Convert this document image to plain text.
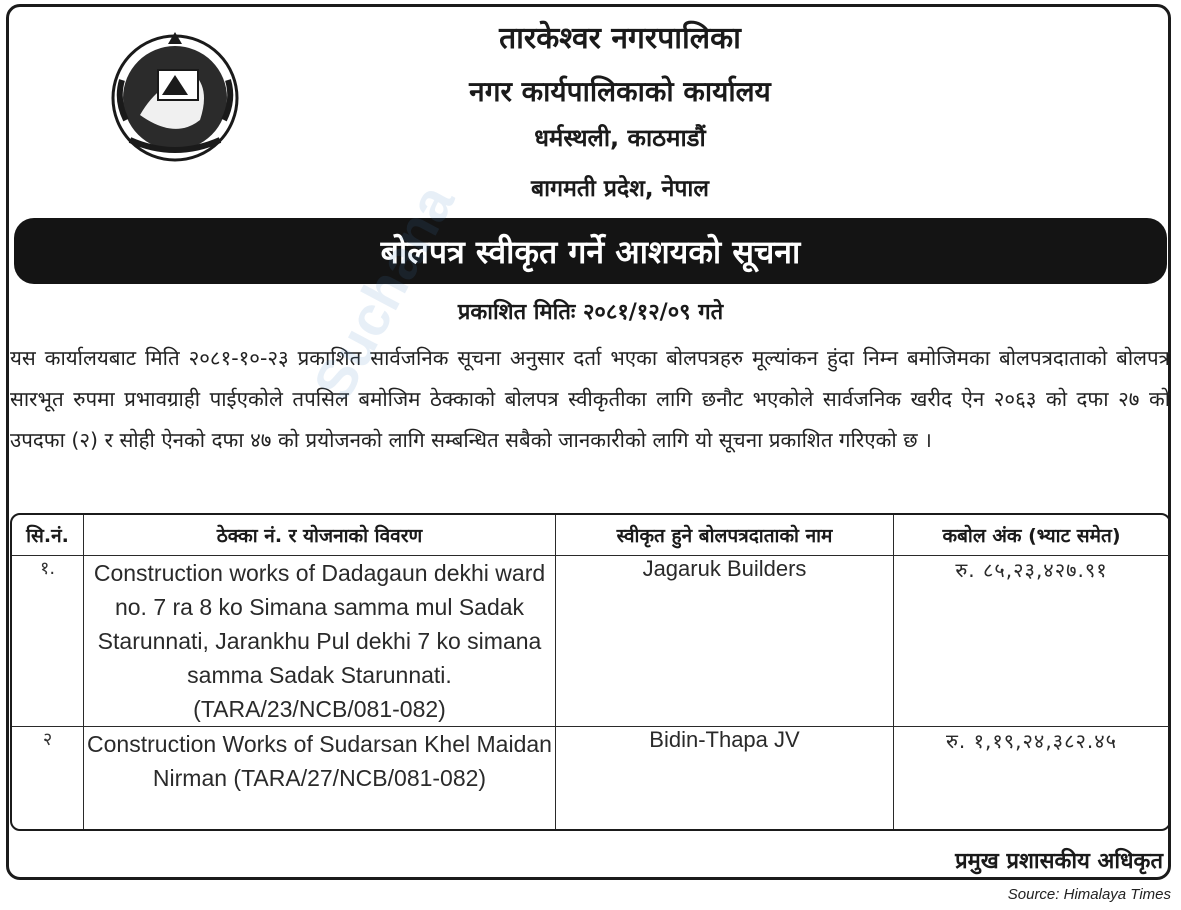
तारकेश्वर नगरपालिका
नगर कार्यपालिकाको कार्यालय
धर्मस्थली, काठमाडौं
बागमती प्रदेश, नेपाल
बोलपत्र स्वीकृत गर्ने आशयको सूचना
प्रकाशित मितिः २०८१/१२/०९ गते
यस कार्यालयबाट मिति २०८१-१०-२३ प्रकाशित सार्वजनिक सूचना अनुसार दर्ता भएका बोलपत्रहरु मूल्यांकन हुंदा निम्न बमोजिमका बोलपत्रदाताको बोलपत्र सारभूत रुपमा प्रभावग्राही पाईएकोले तपसिल बमोजिम ठेक्काको बोलपत्र स्वीकृतीका लागि छनौट भएकोले सार्वजनिक खरीद ऐन २०६३ को दफा २७ को उपदफा (२) र सोही ऐनको दफा ४७ को प्रयोजनको लागि सम्बन्धित सबैको जानकारीको लागि यो सूचना प्रकाशित गरिएको छ ।
सि.नं.	ठेक्का नं. र योजनाको विवरण	स्वीकृत हुने बोलपत्रदाताको नाम	कबोल अंक (भ्याट समेत)
१.	Construction works of Dadagaun dekhi ward no. 7 ra 8 ko Simana samma mul Sadak Starunnati, Jarankhu Pul dekhi 7 ko simana samma Sadak Starunnati. (TARA/23/NCB/081-082)	Jagaruk Builders	रु. ८५,२३,४२७.९१
२	Construction Works of Sudarsan Khel Maidan Nirman (TARA/27/NCB/081-082)	Bidin-Thapa JV	रु. १,१९,२४,३८२.४५
प्रमुख प्रशासकीय अधिकृत
Source: Himalaya Times
